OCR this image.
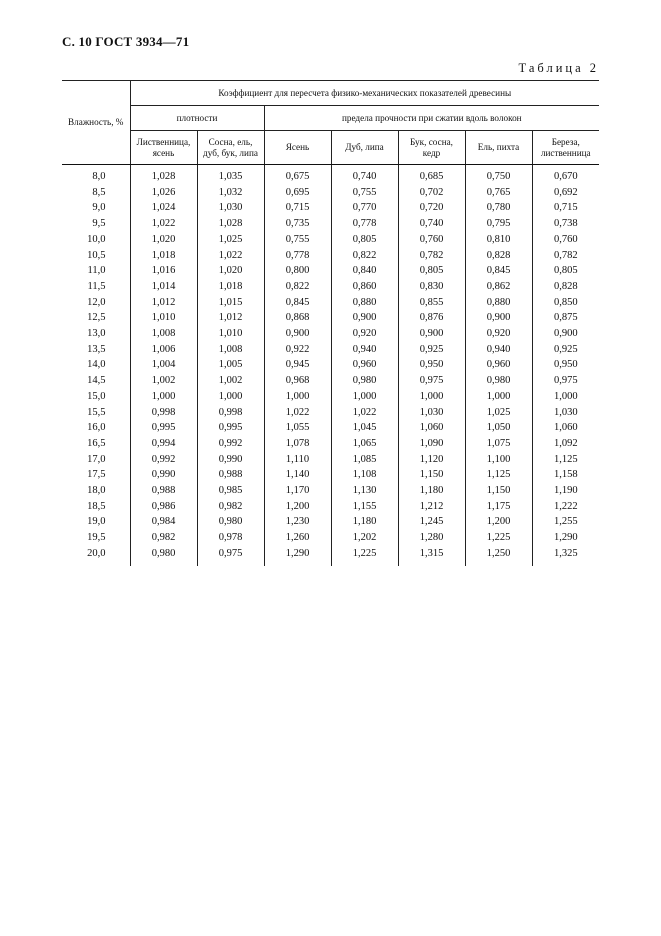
С. 10 ГОСТ 3934—71
Таблица 2
Влажность, %	Коэффициент для пересчета физико-механических показателей древесины						
	плотности		предела прочности при сжатии вдоль волокон				
	Лиственница, ясень	Сосна, ель, дуб, бук, липа	Ясень	Дуб, липа	Бук, сосна, кедр	Ель, пихта	Береза, лиственница
8,0	1,028	1,035	0,675	0,740	0,685	0,750	0,670
8,5	1,026	1,032	0,695	0,755	0,702	0,765	0,692
9,0	1,024	1,030	0,715	0,770	0,720	0,780	0,715
9,5	1,022	1,028	0,735	0,778	0,740	0,795	0,738
10,0	1,020	1,025	0,755	0,805	0,760	0,810	0,760
10,5	1,018	1,022	0,778	0,822	0,782	0,828	0,782
11,0	1,016	1,020	0,800	0,840	0,805	0,845	0,805
11,5	1,014	1,018	0,822	0,860	0,830	0,862	0,828
12,0	1,012	1,015	0,845	0,880	0,855	0,880	0,850
12,5	1,010	1,012	0,868	0,900	0,876	0,900	0,875
13,0	1,008	1,010	0,900	0,920	0,900	0,920	0,900
13,5	1,006	1,008	0,922	0,940	0,925	0,940	0,925
14,0	1,004	1,005	0,945	0,960	0,950	0,960	0,950
14,5	1,002	1,002	0,968	0,980	0,975	0,980	0,975
15,0	1,000	1,000	1,000	1,000	1,000	1,000	1,000
15,5	0,998	0,998	1,022	1,022	1,030	1,025	1,030
16,0	0,995	0,995	1,055	1,045	1,060	1,050	1,060
16,5	0,994	0,992	1,078	1,065	1,090	1,075	1,092
17,0	0,992	0,990	1,110	1,085	1,120	1,100	1,125
17,5	0,990	0,988	1,140	1,108	1,150	1,125	1,158
18,0	0,988	0,985	1,170	1,130	1,180	1,150	1,190
18,5	0,986	0,982	1,200	1,155	1,212	1,175	1,222
19,0	0,984	0,980	1,230	1,180	1,245	1,200	1,255
19,5	0,982	0,978	1,260	1,202	1,280	1,225	1,290
20,0	0,980	0,975	1,290	1,225	1,315	1,250	1,325
